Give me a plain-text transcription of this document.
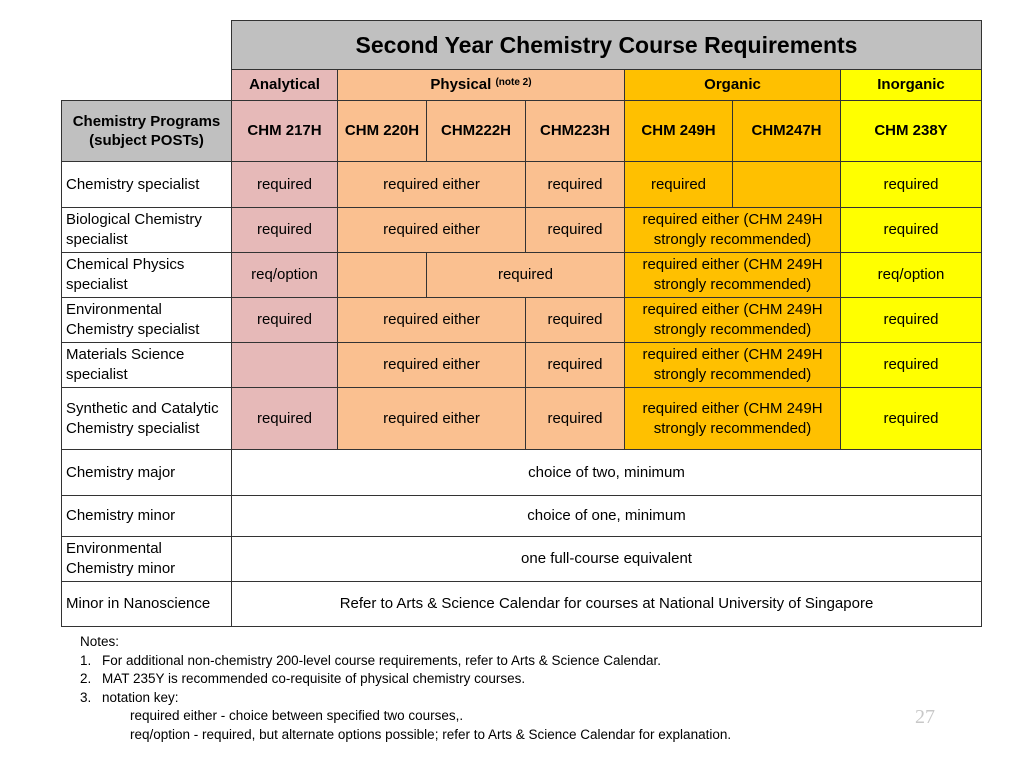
	Second Year Chemistry Course Requirements						
	Analytical	Physical $^{(note 2)}$			Organic		Inorganic
Chemistry Programs (subject POSTs)	CHM 217H	CHM 220H	CHM222H	CHM223H	CHM 249H	CHM247H	CHM 238Y
Chemistry specialist	required	required either		required	required		required
Biological Chemistry specialist	required	required either		required	required either (CHM 249H strongly recommended)		required
Chemical Physics specialist	req/option		required		required either (CHM 249H strongly recommended)		req/option
Environmental Chemistry specialist	required	required either		required	required either (CHM 249H strongly recommended)		required
Materials Science specialist		required either		required	required either (CHM 249H strongly recommended)		required
Synthetic and Catalytic Chemistry specialist	required	required either		required	required either (CHM 249H strongly recommended)		required
Chemistry major	choice of two, minimum						
Chemistry minor	choice of one, minimum						
Environmental Chemistry minor	one full-course equivalent						
Minor in Nanoscience	Refer to Arts & Science Calendar for courses at National University of Singapore						
Notes:
1. For additional non-chemistry 200-level course requirements, refer to Arts & Science Calendar.
2. MAT 235Y is recommended co-requisite of physical chemistry courses.
3. notation key:
required either - choice between specified two courses,.
req/option - required, but alternate options possible; refer to Arts & Science Calendar for explanation.
27
